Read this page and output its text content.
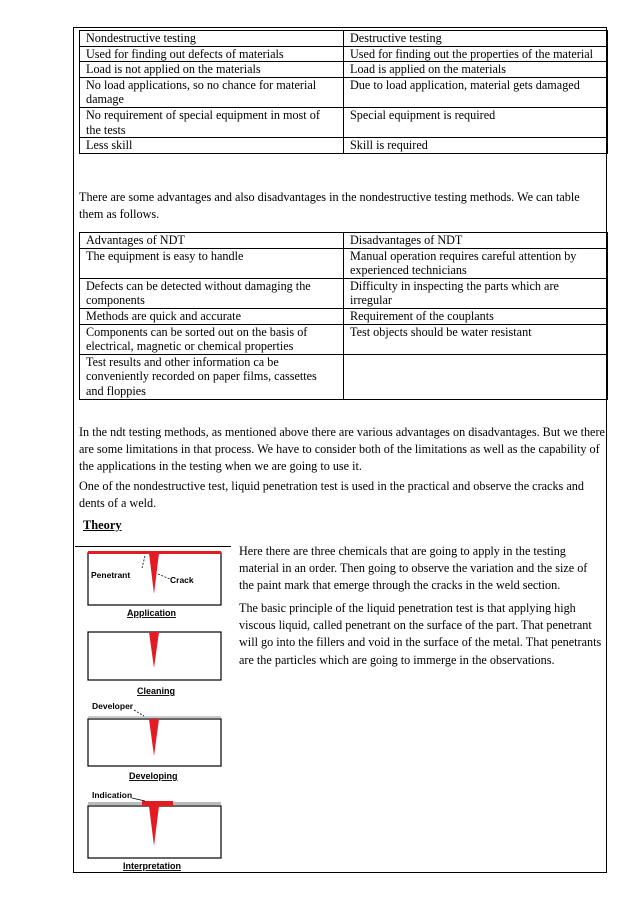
Nondestructive testing	Destructive testing
Used for finding out defects of materials	Used for finding out the properties of the material
Load is not applied on the materials	Load is applied on the materials
No load applications, so no chance for material damage	Due to load application, material gets damaged
No requirement of special equipment in most of the tests	Special equipment is required
Less skill	Skill is required

There are some advantages and also disadvantages in the nondestructive testing methods. We can table them as follows.

Advantages of NDT	Disadvantages of NDT
The equipment is easy to handle	Manual operation requires careful attention by experienced technicians
Defects can be detected without damaging the components	Difficulty in inspecting the parts which are irregular
Methods are quick and accurate	Requirement of the couplants
Components can be sorted out on the basis of electrical, magnetic or chemical properties	Test objects should be water resistant
Test results and other information ca be conveniently recorded on paper films, cassettes and floppies	

In the ndt testing methods, as mentioned above there are various advantages on disadvantages. But we there are some limitations in that process. We have to consider both of the limitations as well as the capability of the applications in the testing when we are going to use it.

One of the nondestructive test, liquid penetration test is used in the practical and observe the cracks and dents of a weld.

Theory
Penetrant	Crack
Application
Cleaning
Developer
Developing
Indication
Interpretation

Here there are three chemicals that are going to apply in the testing material in an order. Then going to observe the variation and the size of the paint mark that emerge through the cracks in the weld section.

The basic principle of the liquid penetration test is that applying high viscous liquid, called penetrant on the surface of the part. That penetrant will go into the fillers and void in the surface of the metal. That penetrants are the particles which are going to immerge in the observations.
